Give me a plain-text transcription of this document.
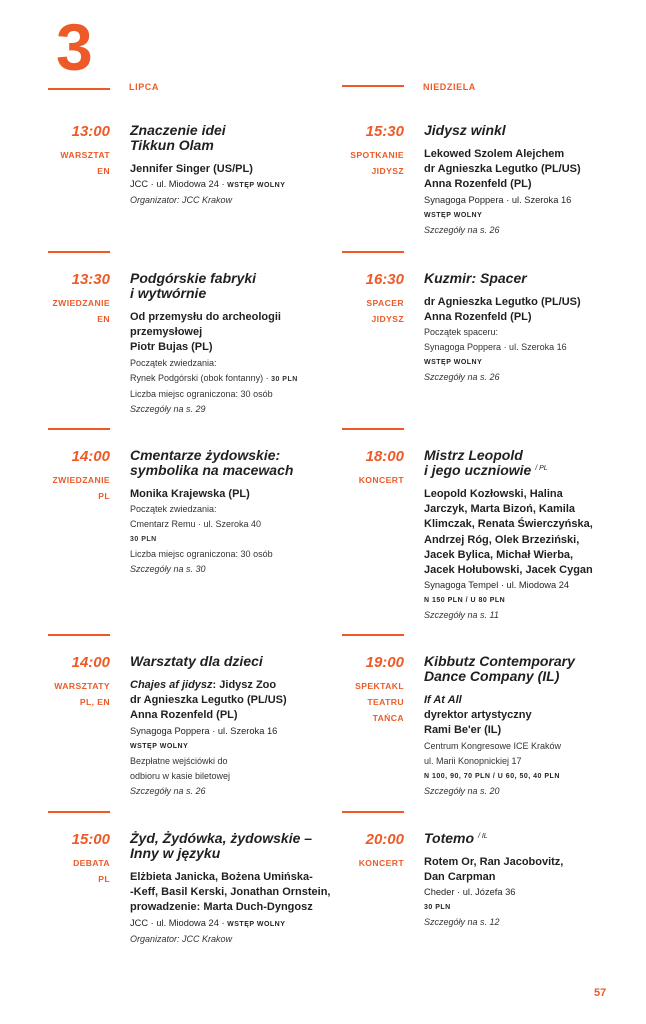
3
LIPCA	NIEDZIELA
13:00
WARSZTAT
EN
Znaczenie idei
Tikkun Olam
Jennifer Singer (US/PL)
JCC · ul. Miodowa 24 · WSTĘP WOLNY
Organizator: JCC Krakow
13:30
ZWIEDZANIE
EN
Podgórskie fabryki
i wytwórnie
Od przemysłu do archeologii
przemysłowej
Piotr Bujas (PL)
Początek zwiedzania:
Rynek Podgórski (obok fontanny) · 30 PLN
Liczba miejsc ograniczona: 30 osób
Szczegóły na s. 29
14:00
ZWIEDZANIE
PL
Cmentarze żydowskie:
symbolika na macewach
Monika Krajewska (PL)
Początek zwiedzania:
Cmentarz Remu · ul. Szeroka 40
30 PLN
Liczba miejsc ograniczona: 30 osób
Szczegóły na s. 30
14:00
WARSZTATY
PL, EN
Warsztaty dla dzieci
Chajes af jidysz: Jidysz Zoo
dr Agnieszka Legutko (PL/US)
Anna Rozenfeld (PL)
Synagoga Poppera · ul. Szeroka 16
WSTĘP WOLNY
Bezpłatne wejściówki do
odbioru w kasie biletowej
Szczegóły na s. 26
15:00
DEBATA
PL
Żyd, Żydówka, żydowskie –
Inny w języku
Elżbieta Janicka, Bożena Umińska-
-Keff, Basil Kerski, Jonathan Ornstein,
prowadzenie: Marta Duch-Dyngosz
JCC · ul. Miodowa 24 · WSTĘP WOLNY
Organizator: JCC Krakow
15:30
SPOTKANIE
JIDYSZ
Jidysz winkl
Lekowed Szolem Alejchem
dr Agnieszka Legutko (PL/US)
Anna Rozenfeld (PL)
Synagoga Poppera · ul. Szeroka 16
WSTĘP WOLNY
Szczegóły na s. 26
16:30
SPACER
JIDYSZ
Kuzmir: Spacer
dr Agnieszka Legutko (PL/US)
Anna Rozenfeld (PL)
Początek spaceru:
Synagoga Poppera · ul. Szeroka 16
WSTĘP WOLNY
Szczegóły na s. 26
18:00
KONCERT
Mistrz Leopold
i jego uczniowie $^{/ PL}$
Leopold Kozłowski, Halina
Jarczyk, Marta Bizoń, Kamila
Klimczak, Renata Świerczyńska,
Andrzej Róg, Olek Brzeziński,
Jacek Bylica, Michał Wierba,
Jacek Hołubowski, Jacek Cygan
Synagoga Tempel · ul. Miodowa 24
N 150 PLN / U 80 PLN
Szczegóły na s. 11
19:00
SPEKTAKL
TEATRU
TAŃCA
Kibbutz Contemporary
Dance Company (IL)
If At All
dyrektor artystyczny
Rami Be'er (IL)
Centrum Kongresowe ICE Kraków
ul. Marii Konopnickiej 17
N 100, 90, 70 PLN / U 60, 50, 40 PLN
Szczegóły na s. 20
20:00
KONCERT
Totemo $^{/ IL}$
Rotem Or, Ran Jacobovitz,
Dan Carpman
Cheder · ul. Józefa 36
30 PLN
Szczegóły na s. 12
57
